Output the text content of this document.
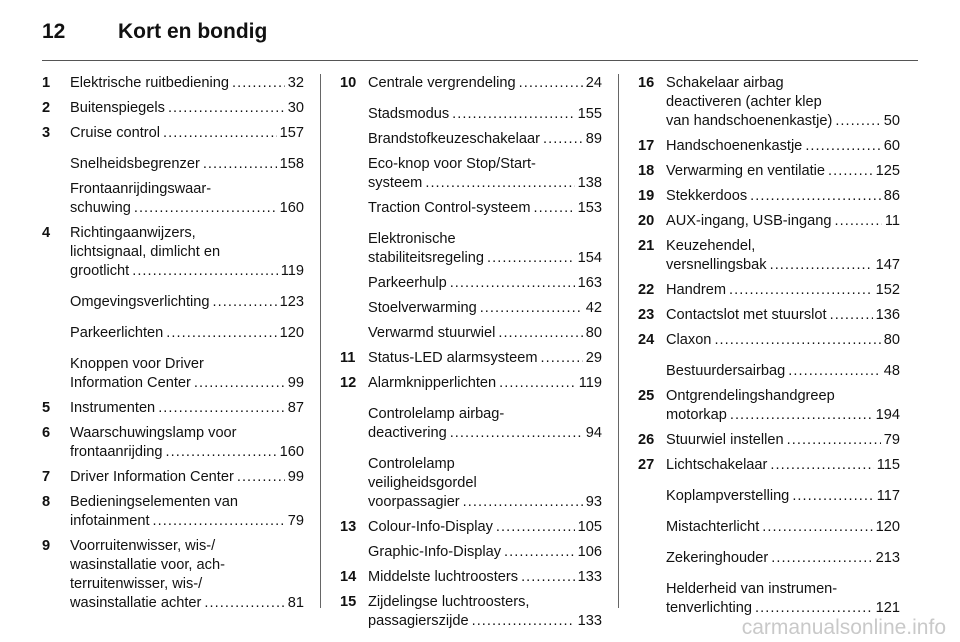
12	Kort en bondig
1 Elektrische ruitbediening . . .	32
2 Buitenspiegels . . .	30
3 Cruise control . . .	157
Snelheidsbegrenzer . . .	158
Frontaanrijdingswaar-
schuwing . . .	160
4 Richtingaanwijzers,
lichtsignaal, dimlicht en
grootlicht . . .	119
Omgevingsverlichting . . .	123
Parkeerlichten . . .	120
Knoppen voor Driver
Information Center . . .	99
5 Instrumenten . . .	87
6 Waarschuwingslamp voor
frontaanrijding . . .	160
7 Driver Information Center . . .	99
8 Bedieningselementen van
infotainment . . .	79
9 Voorruitenwisser, wis-/
wasinstallatie voor, ach-
terruitenwisser, wis-/
wasinstallatie achter . . .	81
10 Centrale vergrendeling . . .	24
Stadsmodus . . .	155
Brandstofkeuzeschakelaar . . .	89
Eco-knop voor Stop/Start-
systeem . . .	138
Traction Control-systeem . . .	153
Elektronische
stabiliteitsregeling . . .	154
Parkeerhulp . . .	163
Stoelverwarming . . .	42
Verwarmd stuurwiel . . .	80
11 Status-LED alarmsysteem . . .	29
12 Alarmknipperlichten . . .	119
Controlelamp airbag-
deactivering . . .	94
Controlelamp
veiligheidsgordel
voorpassagier . . .	93
13 Colour-Info-Display . . .	105
Graphic-Info-Display . . .	106
14 Middelste luchtroosters . . .	133
15 Zijdelingse luchtroosters,
passagierszijde . . .	133
16 Schakelaar airbag
deactiveren (achter klep
van handschoenenkastje) . . .	50
17 Handschoenenkastje . . .	60
18 Verwarming en ventilatie . . .	125
19 Stekkerdoos . . .	86
20 AUX-ingang, USB-ingang . . .	11
21 Keuzehendel,
versnellingsbak . . .	147
22 Handrem . . .	152
23 Contactslot met stuurslot . . .	136
24 Claxon . . .	80
Bestuurdersairbag . . .	48
25 Ontgrendelingshandgreep
motorkap . . .	194
26 Stuurwiel instellen . . .	79
27 Lichtschakelaar . . .	115
Koplampverstelling . . .	117
Mistachterlicht . . .	120
Zekeringhouder . . .	213
Helderheid van instrumen-
tenverlichting . . .	121
carmanualsonline.info
